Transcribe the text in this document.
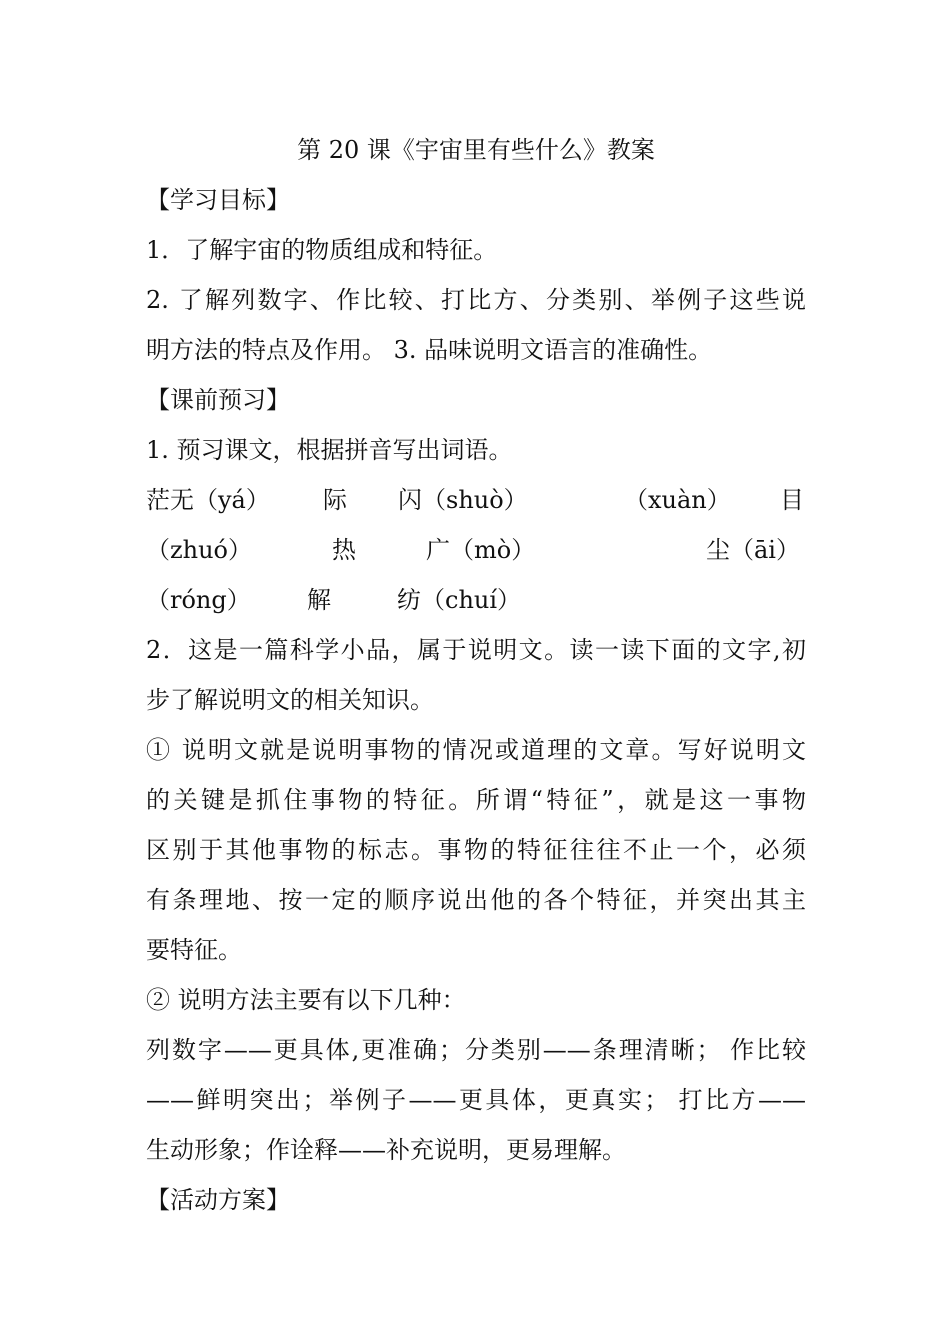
第 20 课《宇宙里有些什么》教案
【学习目标】
1．了解宇宙的物质组成和特征。
2. 了解列数字、作比较、打比方、分类别、举例子这些说
明方法的特点及作用。 3. 品味说明文语言的准确性。
【课前预习】
1. 预习课文，根据拼音写出词语。
茫无（yá） 际 闪（shuò）	（xuàn） 目
（zhuó）	热	广（mò）	尘（āi）
（róng） 解	纺（chuí）
2．这是一篇科学小品，属于说明文。读一读下面的文字,初
步了解说明文的相关知识。
① 说明文就是说明事物的情况或道理的文章。写好说明文
的关键是抓住事物的特征。所谓“特征”，就是这一事物
区别于其他事物的标志。事物的特征往往不止一个，必须
有条理地、按一定的顺序说出他的各个特征，并突出其主
要特征。
② 说明方法主要有以下几种：
列数字——更具体,更准确；分类别——条理清晰； 作比较
——鲜明突出；举例子——更具体，更真实； 打比方——
生动形象；作诠释——补充说明，更易理解。
【活动方案】
